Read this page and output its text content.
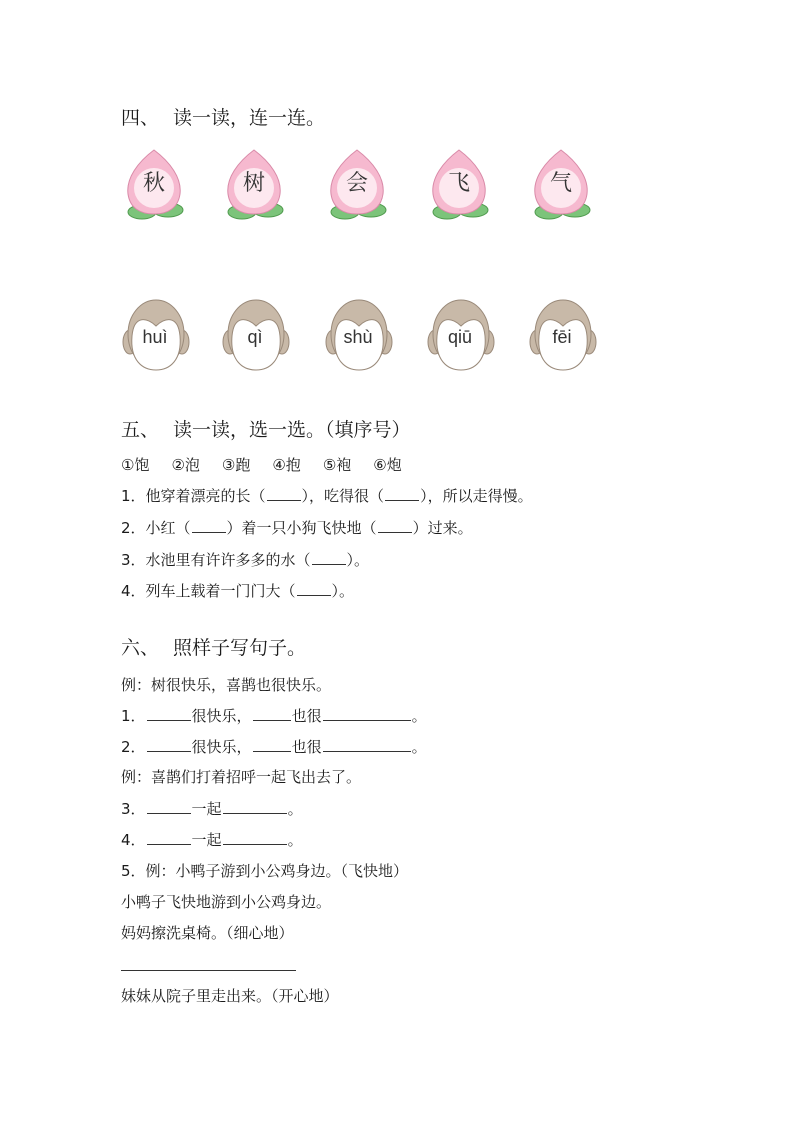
四、 读一读，连一连。
秋	树	会	飞	气
huì	qì	shù	qiū	fēi
五、 读一读，选一选。（填序号）
①饱 ②泡 ③跑 ④抱 ⑤袍 ⑥炮
1．他穿着漂亮的长（ ），吃得很（ ），所以走得慢。
2．小红（ ）着一只小狗飞快地（ ）过来。
3．水池里有许许多多的水（ ）。
4．列车上载着一门门大（ ）。
六、 照样子写句子。
例：树很快乐，喜鹊也很快乐。
1．	很快乐，	也很	。
2．	很快乐，	也很	。
例：喜鹊们打着招呼一起飞出去了。
3．	一起	。
4．	一起	。
5．例：小鸭子游到小公鸡身边。（飞快地）
小鸭子飞快地游到小公鸡身边。
妈妈擦洗桌椅。（细心地）
妹妹从院子里走出来。（开心地）
